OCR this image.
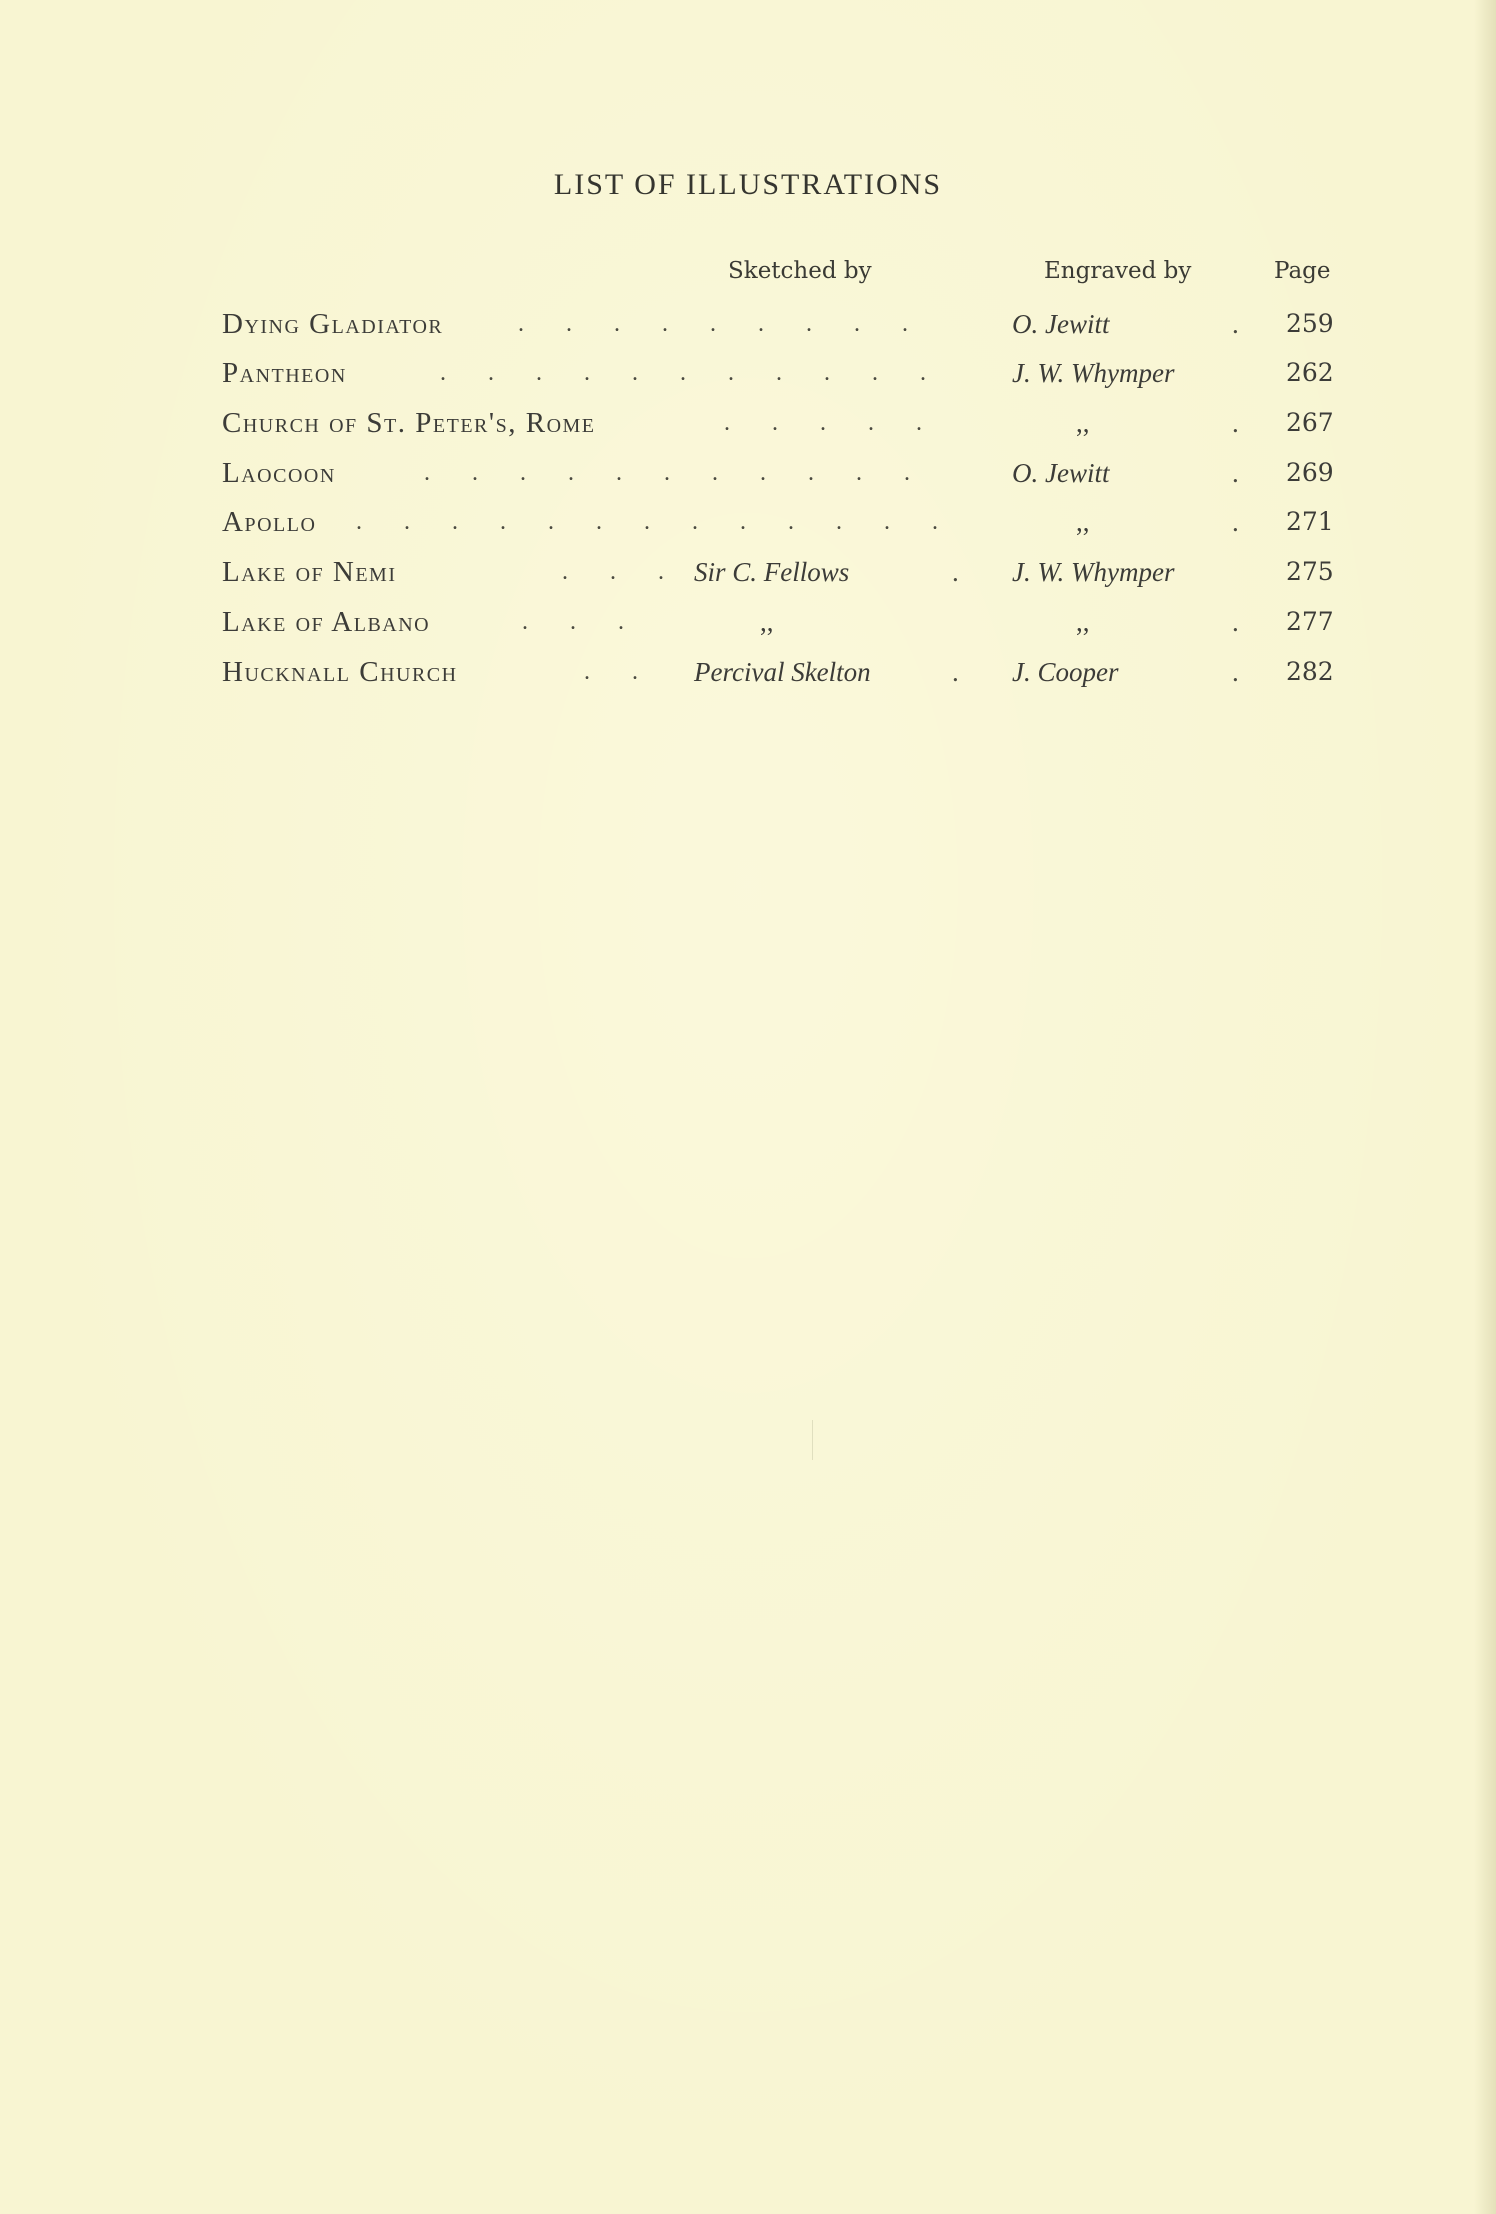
LIST OF ILLUSTRATIONS
Sketched by	Engraved by	Page
Dying Gladiator	. . . . . . . . .	O. Jewitt	. 259
Pantheon	. . . . . . . . . . .	J. W. Whymper	262
Church of St. Peter's, Rome	. . . . .	,,	. 267
Laocoon	. . . . . . . . . . .	O. Jewitt	. 269
Apollo . . . . . . . . . . . . .	,,	. 271
Lake of Nemi	. . . Sir C. Fellows	. J. W. Whymper	275
Lake of Albano	. . .	,,	,,	. 277
Hucknall Church	. . Percival Skelton	. J. Cooper	. 282
